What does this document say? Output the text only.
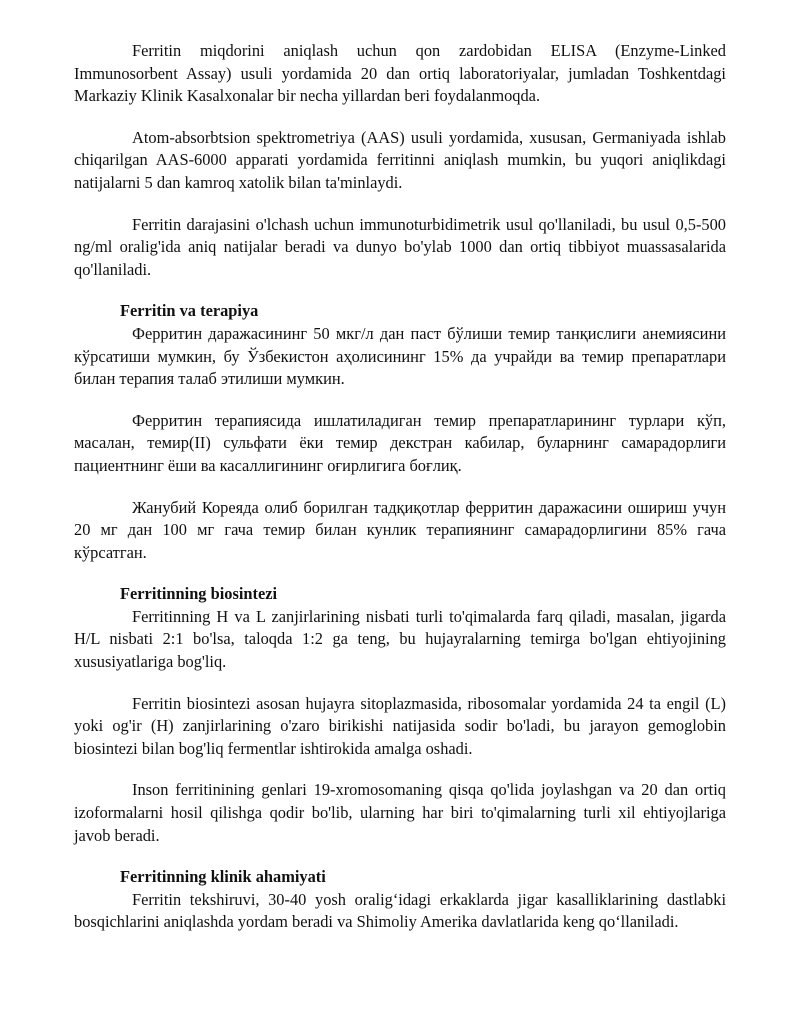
Ferritin miqdorini aniqlash uchun qon zardobidan ELISA (Enzyme-Linked Immunosorbent Assay) usuli yordamida 20 dan ortiq laboratoriyalar, jumladan Toshkentdagi Markaziy Klinik Kasalxonalar bir necha yillardan beri foydalanmoqda.

Atom-absorbtsion spektrometriya (AAS) usuli yordamida, xususan, Germaniyada ishlab chiqarilgan AAS-6000 apparati yordamida ferritinni aniqlash mumkin, bu yuqori aniqlikdagi natijalarni 5 dan kamroq xatolik bilan ta'minlaydi.

Ferritin darajasini o'lchash uchun immunoturbidimetrik usul qo'llaniladi, bu usul 0,5-500 ng/ml oralig'ida aniq natijalar beradi va dunyo bo'ylab 1000 dan ortiq tibbiyot muassasalarida qo'llaniladi.

Ferritin va terapiya

Ферритин даражасининг 50 мкг/л дан паст бўлиши темир танқислиги анемиясини кўрсатиши мумкин, бу Ўзбекистон аҳолисининг 15% да учрайди ва темир препаратлари билан терапия талаб этилиши мумкин.

Ферритин терапиясида ишлатиладиган темир препаратларининг турлари кўп, масалан, темир(II) сульфати ёки темир декстран кабилар, буларнинг самарадорлиги пациентнинг ёши ва касаллигининг оғирлигига боғлиқ.

Жанубий Кореяда олиб борилган тадқиқотлар ферритин даражасини ошириш учун 20 мг дан 100 мг гача темир билан кунлик терапиянинг самарадорлигини 85% гача кўрсатган.

Ferritinning biosintezi

Ferritinning H va L zanjirlarining nisbati turli to'qimalarda farq qiladi, masalan, jigarda H/L nisbati 2:1 bo'lsa, taloqda 1:2 ga teng, bu hujayralarning temirga bo'lgan ehtiyojining xususiyatlariga bog'liq.

Ferritin biosintezi asosan hujayra sitoplazmasida, ribosomalar yordamida 24 ta engil (L) yoki og'ir (H) zanjirlarining o'zaro birikishi natijasida sodir bo'ladi, bu jarayon gemoglobin biosintezi bilan bog'liq fermentlar ishtirokida amalga oshadi.

Inson ferritinining genlari 19-xromosomaning qisqa qo'lida joylashgan va 20 dan ortiq izoformalarni hosil qilishga qodir bo'lib, ularning har biri to'qimalarning turli xil ehtiyojlariga javob beradi.

Ferritinning klinik ahamiyati

Ferritin tekshiruvi, 30-40 yosh oralig‘idagi erkaklarda jigar kasalliklarining dastlabki bosqichlarini aniqlashda yordam beradi va Shimoliy Amerika davlatlarida keng qo‘llaniladi.
